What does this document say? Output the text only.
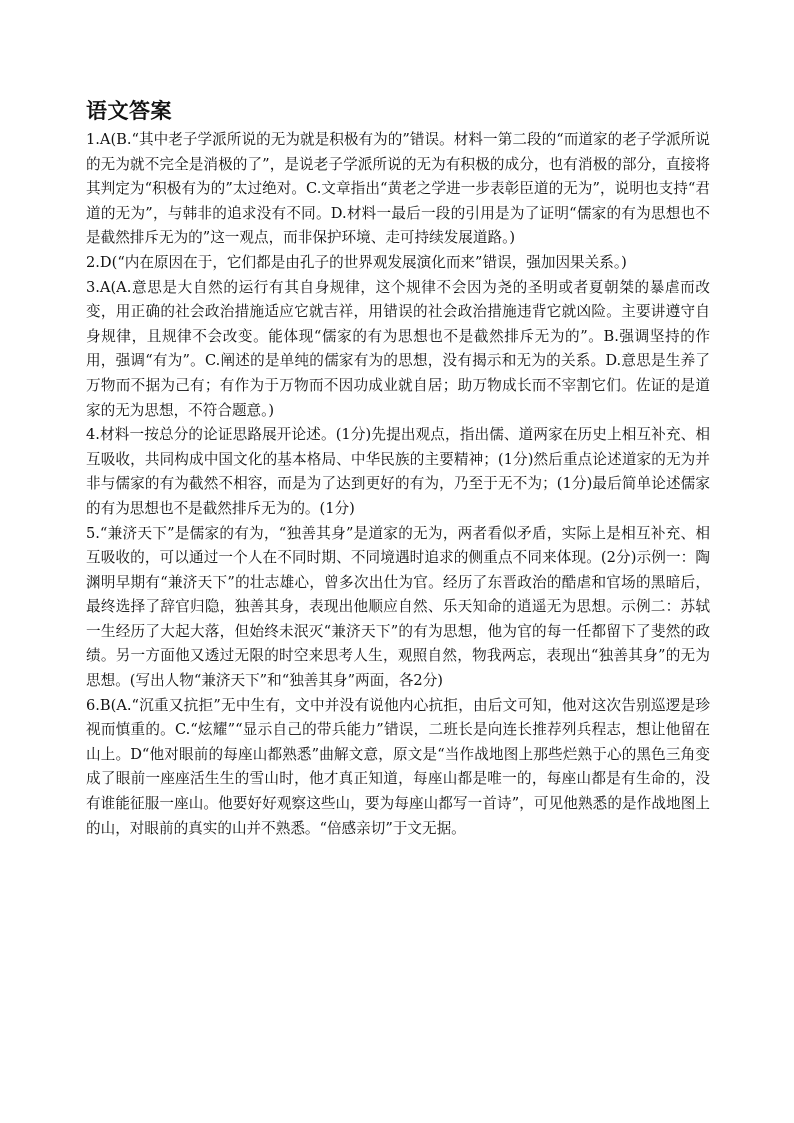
语文答案

1.A(B.“其中老子学派所说的无为就是积极有为的”错误。材料一第二段的“而道家的老子学派所说的无为就不完全是消极的了”，是说老子学派所说的无为有积极的成分，也有消极的部分，直接将其判定为“积极有为的”太过绝对。C.文章指出“黄老之学进一步表彰臣道的无为”，说明也支持“君道的无为”，与韩非的追求没有不同。D.材料一最后一段的引用是为了证明“儒家的有为思想也不是截然排斥无为的”这一观点，而非保护环境、走可持续发展道路。)

2.D(“内在原因在于，它们都是由孔子的世界观发展演化而来”错误，强加因果关系。)

3.A(A.意思是大自然的运行有其自身规律，这个规律不会因为尧的圣明或者夏朝桀的暴虐而改变，用正确的社会政治措施适应它就吉祥，用错误的社会政治措施违背它就凶险。主要讲遵守自身规律，且规律不会改变。能体现“儒家的有为思想也不是截然排斥无为的”。B.强调坚持的作用，强调“有为”。C.阐述的是单纯的儒家有为的思想，没有揭示和无为的关系。D.意思是生养了万物而不据为己有；有作为于万物而不因功成业就自居；助万物成长而不宰割它们。佐证的是道家的无为思想，不符合题意。)

4.材料一按总分的论证思路展开论述。(1分)先提出观点，指出儒、道两家在历史上相互补充、相互吸收，共同构成中国文化的基本格局、中华民族的主要精神；(1分)然后重点论述道家的无为并非与儒家的有为截然不相容，而是为了达到更好的有为，乃至于无不为；(1分)最后简单论述儒家的有为思想也不是截然排斥无为的。(1分)

5.“兼济天下”是儒家的有为，“独善其身”是道家的无为，两者看似矛盾，实际上是相互补充、相互吸收的，可以通过一个人在不同时期、不同境遇时追求的侧重点不同来体现。(2分)示例一：陶渊明早期有“兼济天下”的壮志雄心，曾多次出仕为官。经历了东晋政治的酷虐和官场的黑暗后，最终选择了辞官归隐，独善其身，表现出他顺应自然、乐天知命的逍遥无为思想。示例二：苏轼一生经历了大起大落，但始终未泯灭“兼济天下”的有为思想，他为官的每一任都留下了斐然的政绩。另一方面他又透过无限的时空来思考人生，观照自然，物我两忘，表现出“独善其身”的无为思想。(写出人物“兼济天下”和“独善其身”两面，各2分)

6.B(A.“沉重又抗拒”无中生有，文中并没有说他内心抗拒，由后文可知，他对这次告别巡逻是珍视而慎重的。C.“炫耀”“显示自己的带兵能力”错误，二班长是向连长推荐列兵程志，想让他留在山上。D“他对眼前的每座山都熟悉”曲解文意，原文是“当作战地图上那些烂熟于心的黑色三角变成了眼前一座座活生生的雪山时，他才真正知道，每座山都是唯一的，每座山都是有生命的，没有谁能征服一座山。他要好好观察这些山，要为每座山都写一首诗”，可见他熟悉的是作战地图上的山，对眼前的真实的山并不熟悉。“倍感亲切”于文无据。
